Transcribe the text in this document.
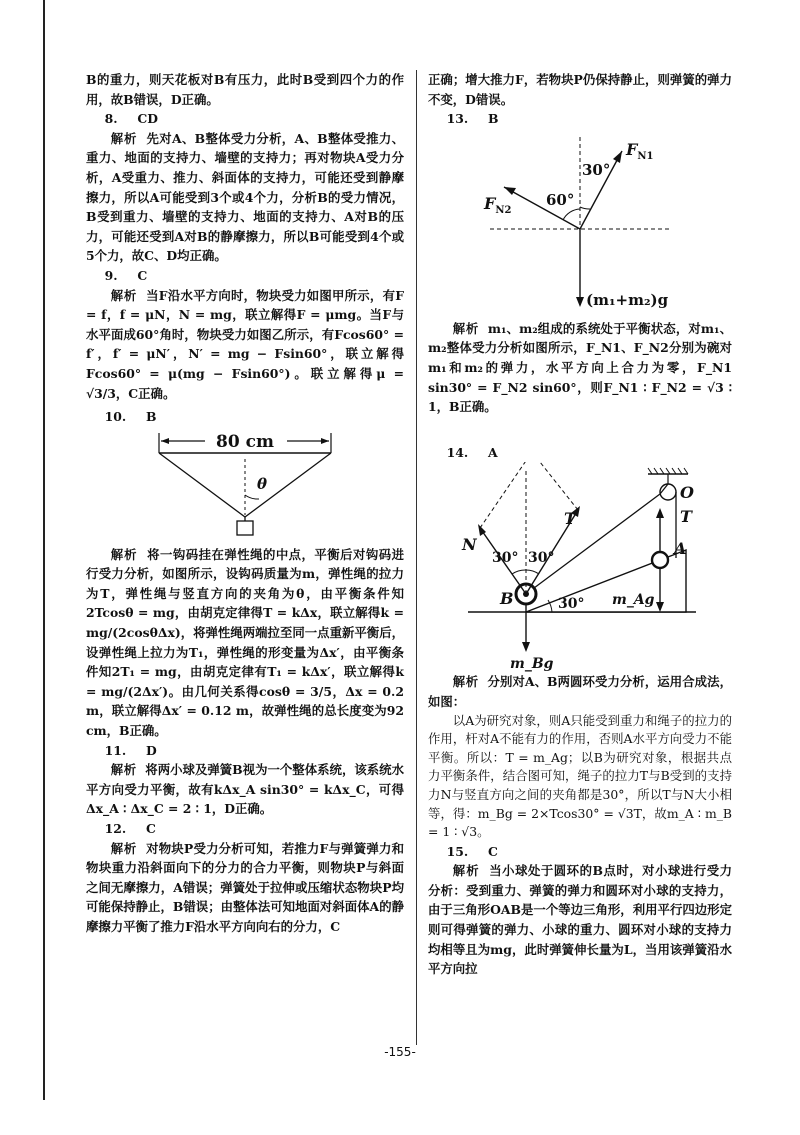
B的重力，则天花板对B有压力，此时B受到四个力的作用，故B错误，D正确。

8. CD

解析 先对A、B整体受力分析，A、B整体受推力、重力、地面的支持力、墙壁的支持力；再对物块A受力分析，A受重力、推力、斜面体的支持力，可能还受到静摩擦力，所以A可能受到3个或4个力，分析B的受力情况，B受到重力、墙壁的支持力、地面的支持力、A对B的压力，可能还受到A对B的静摩擦力，所以B可能受到4个或5个力，故C、D均正确。

9. C

解析 当F沿水平方向时，物块受力如图甲所示，有F = f，f = μN，N = mg，联立解得F = μmg。当F与水平面成60°角时，物块受力如图乙所示，有Fcos60° = f′，f′ = μN′，N′ = mg − Fsin60°，联立解得Fcos60° = μ(mg − Fsin60°)。联立解得μ = √3/3，C正确。

10. B

80 cm
θ

解析 将一钩码挂在弹性绳的中点，平衡后对钩码进行受力分析，如图所示，设钩码质量为m，弹性绳的拉力为T，弹性绳与竖直方向的夹角为θ，由平衡条件知2Tcosθ = mg，由胡克定律得T = kΔx，联立解得k = mg/(2cosθΔx)，将弹性绳两端拉至同一点重新平衡后，设弹性绳上拉力为T₁，弹性绳的形变量为Δx′，由平衡条件知2T₁ = mg，由胡克定律有T₁ = kΔx′，联立解得k = mg/(2Δx′)。由几何关系得cosθ = 3/5，Δx = 0.2 m，联立解得Δx′ = 0.12 m，故弹性绳的总长度变为92 cm，B正确。

11. D

解析 将两小球及弹簧B视为一个整体系统，该系统水平方向受力平衡，故有kΔx_A sin30° = kΔx_C，可得Δx_A ∶ Δx_C = 2 ∶ 1，D正确。

12. C

解析 对物块P受力分析可知，若推力F与弹簧弹力和物块重力沿斜面向下的分力的合力平衡，则物块P与斜面之间无摩擦力，A错误；弹簧处于拉伸或压缩状态物块P均可能保持静止，B错误；由整体法可知地面对斜面体A的静摩擦力平衡了推力F沿水平方向向右的分力，C

正确；增大推力F，若物块P仍保持静止，则弹簧的弹力不变，D错误。

13. B

30°
60°
$F_{N1}$
$F_{N2}$
(m₁+m₂)g

解析 m₁、m₂组成的系统处于平衡状态，对m₁、m₂整体受力分析如图所示，F_N1、F_N2分别为碗对m₁和m₂的弹力，水平方向上合力为零，F_N1 sin30° = F_N2 sin60°，则F_N1 ∶ F_N2 = √3 ∶ 1，B正确。

14. A

O
T
A
m_Ag
B
T
N
30° 30°
30°
m_Bg

解析 分别对A、B两圆环受力分析，运用合成法，如图：

以A为研究对象，则A只能受到重力和绳子的拉力的作用，杆对A不能有力的作用，否则A水平方向受力不能平衡。所以：T = m_Ag；以B为研究对象，根据共点力平衡条件，结合图可知，绳子的拉力T与B受到的支持力N与竖直方向之间的夹角都是30°，所以T与N大小相等，得：m_Bg = 2×Tcos30° = √3T，故m_A ∶ m_B = 1 ∶ √3。

15. C

解析 当小球处于圆环的B点时，对小球进行受力分析：受到重力、弹簧的弹力和圆环对小球的支持力，由于三角形OAB是一个等边三角形，利用平行四边形定则可得弹簧的弹力、小球的重力、圆环对小球的支持力均相等且为mg，此时弹簧伸长量为L，当用该弹簧沿水平方向拉

-155-
